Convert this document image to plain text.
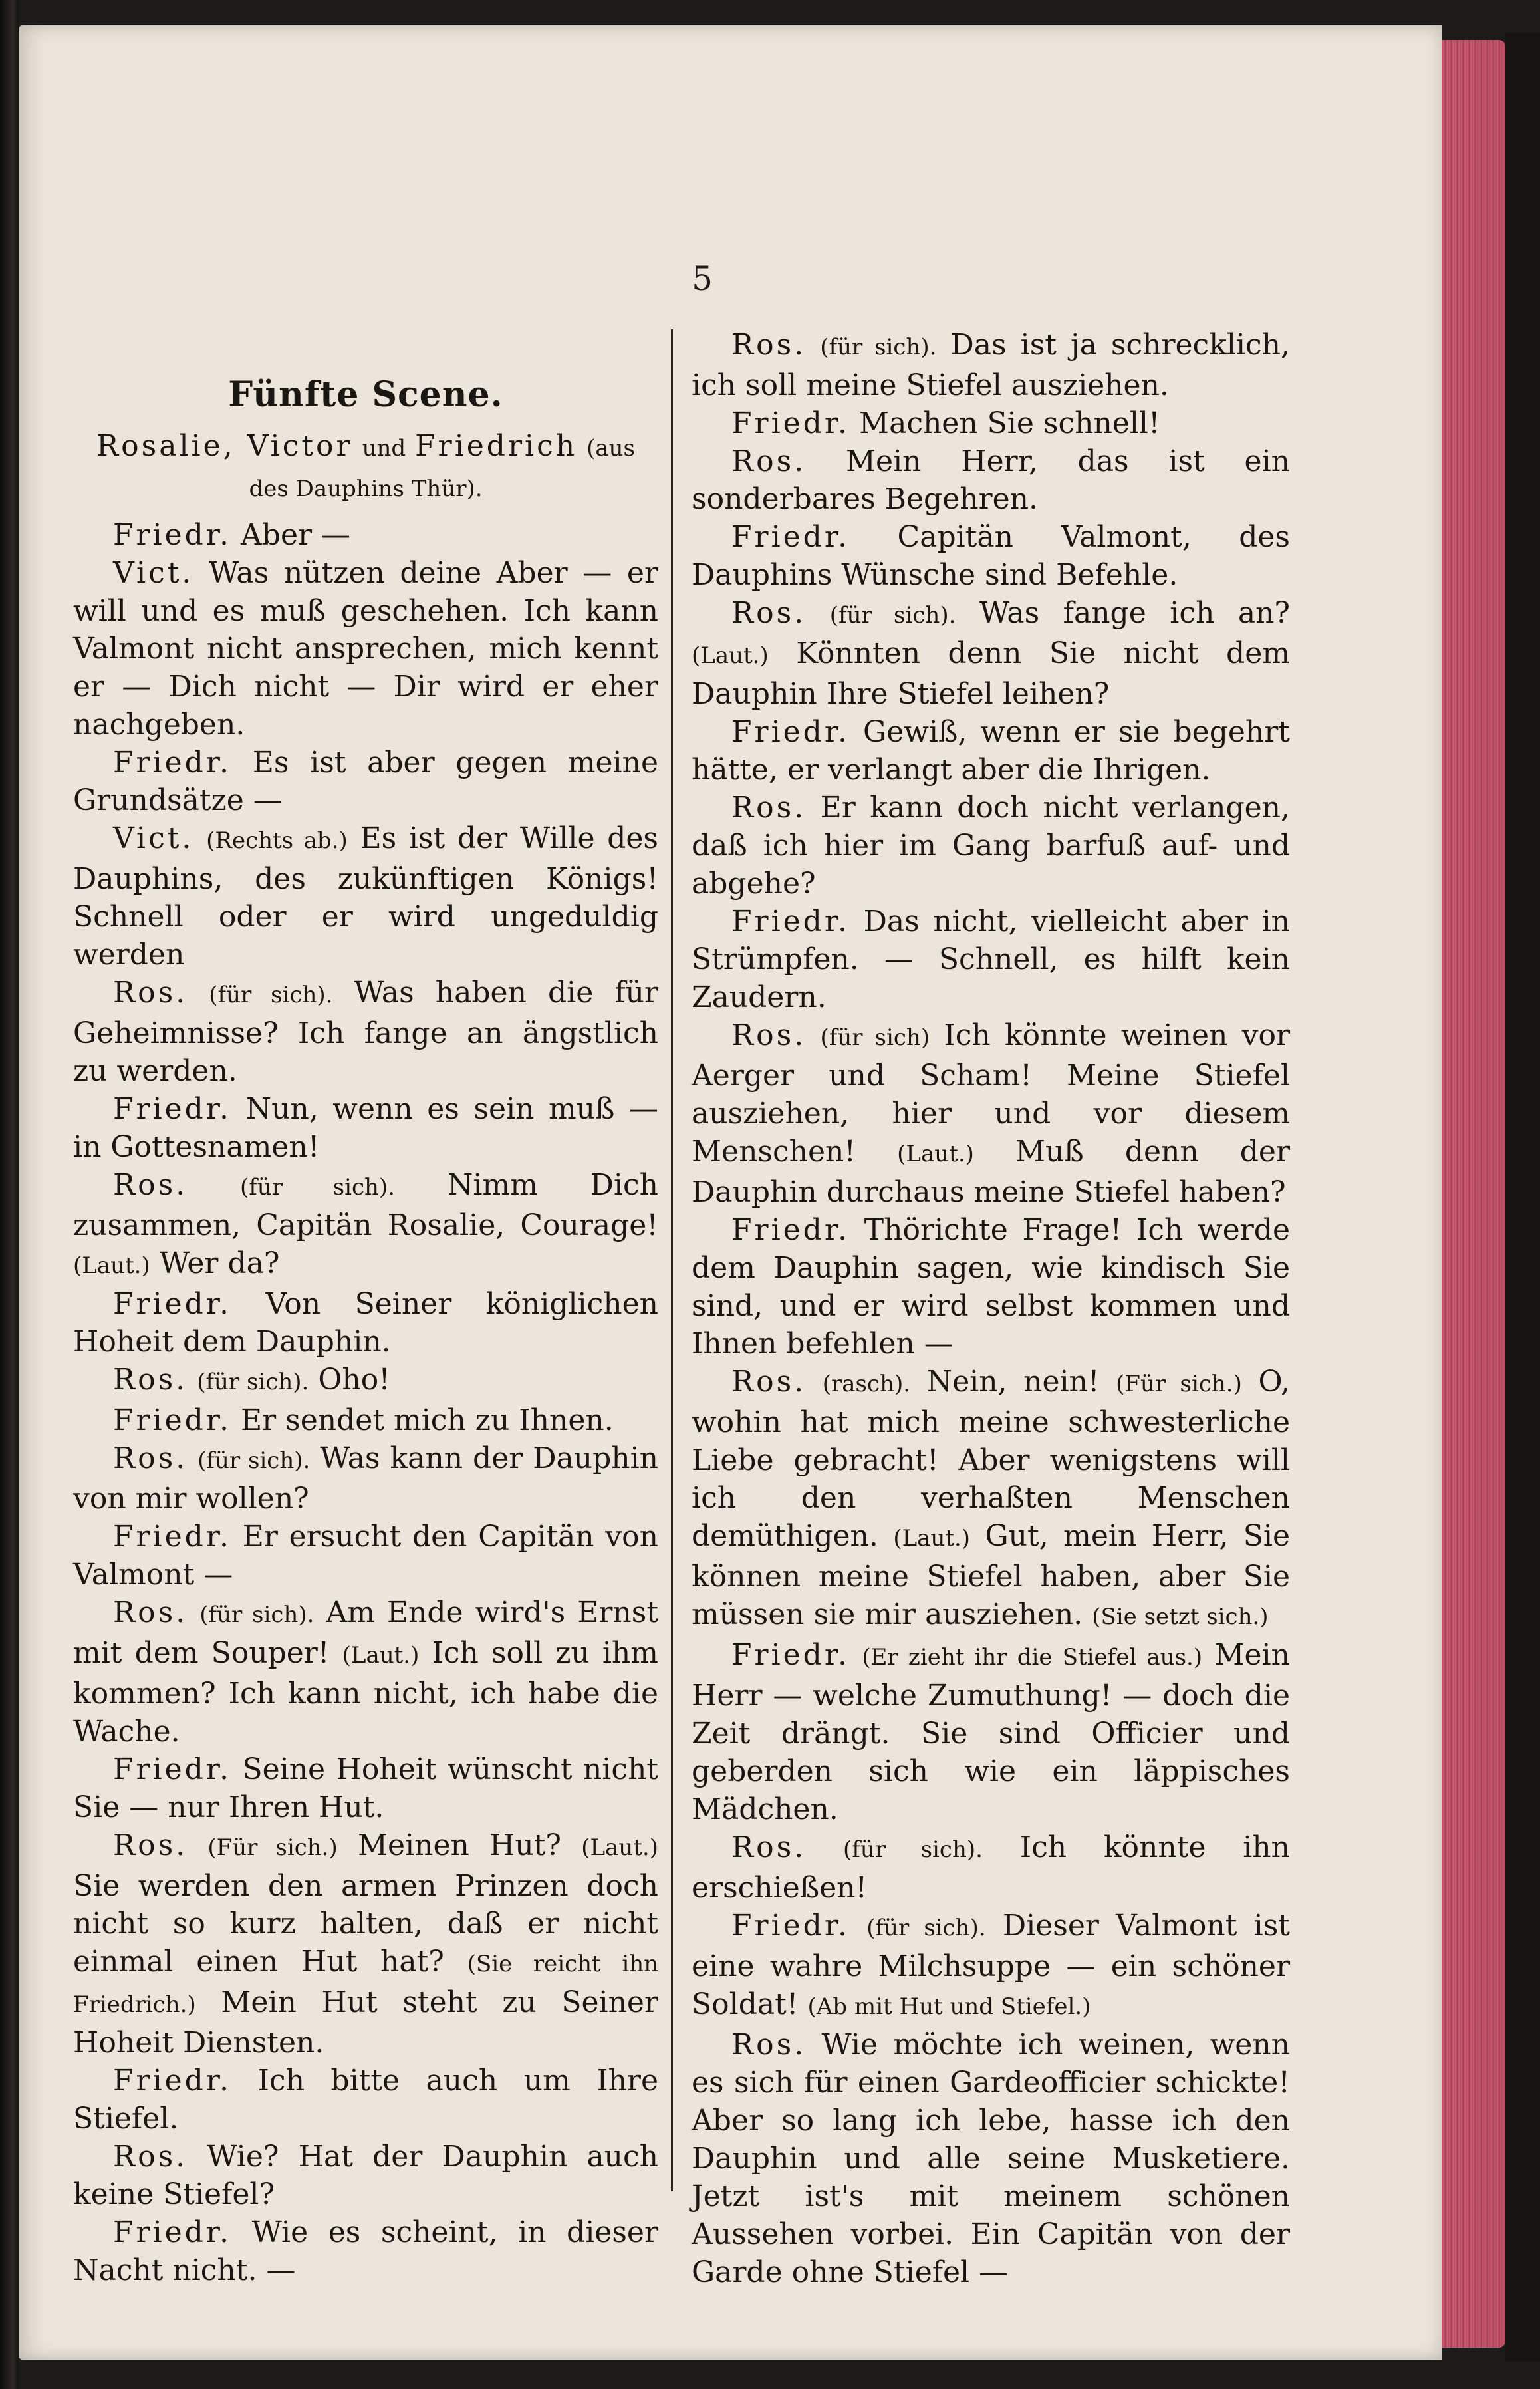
5

Fünfte Scene.

Rosalie, Victor und Friedrich (aus des Dauphins Thür).

Friedr. Aber —

Vict. Was nützen deine Aber — er will und es muß geschehen. Ich kann Valmont nicht ansprechen, mich kennt er — Dich nicht — Dir wird er eher nachgeben.

Friedr. Es ist aber gegen meine Grundsätze —

Vict. (Rechts ab.) Es ist der Wille des Dauphins, des zukünftigen Königs! Schnell oder er wird ungeduldig werden

Ros. (für sich). Was haben die für Geheimnisse? Ich fange an ängstlich zu werden.

Friedr. Nun, wenn es sein muß — in Gottesnamen!

Ros. (für sich). Nimm Dich zusammen, Capitän Rosalie, Courage! (Laut.) Wer da?

Friedr. Von Seiner königlichen Hoheit dem Dauphin.

Ros. (für sich). Oho!

Friedr. Er sendet mich zu Ihnen.

Ros. (für sich). Was kann der Dauphin von mir wollen?

Friedr. Er ersucht den Capitän von Valmont —

Ros. (für sich). Am Ende wird's Ernst mit dem Souper! (Laut.) Ich soll zu ihm kommen? Ich kann nicht, ich habe die Wache.

Friedr. Seine Hoheit wünscht nicht Sie — nur Ihren Hut.

Ros. (Für sich.) Meinen Hut? (Laut.) Sie werden den armen Prinzen doch nicht so kurz halten, daß er nicht einmal einen Hut hat? (Sie reicht ihn Friedrich.) Mein Hut steht zu Seiner Hoheit Diensten.

Friedr. Ich bitte auch um Ihre Stiefel.

Ros. Wie? Hat der Dauphin auch keine Stiefel?

Friedr. Wie es scheint, in dieser Nacht nicht. —

Ros. (für sich). Das ist ja schrecklich, ich soll meine Stiefel ausziehen.

Friedr. Machen Sie schnell!

Ros. Mein Herr, das ist ein sonderbares Begehren.

Friedr. Capitän Valmont, des Dauphins Wünsche sind Befehle.

Ros. (für sich). Was fange ich an? (Laut.) Könnten denn Sie nicht dem Dauphin Ihre Stiefel leihen?

Friedr. Gewiß, wenn er sie begehrt hätte, er verlangt aber die Ihrigen.

Ros. Er kann doch nicht verlangen, daß ich hier im Gang barfuß auf- und abgehe?

Friedr. Das nicht, vielleicht aber in Strümpfen. — Schnell, es hilft kein Zaudern.

Ros. (für sich) Ich könnte weinen vor Aerger und Scham! Meine Stiefel ausziehen, hier und vor diesem Menschen! (Laut.) Muß denn der Dauphin durchaus meine Stiefel haben?

Friedr. Thörichte Frage! Ich werde dem Dauphin sagen, wie kindisch Sie sind, und er wird selbst kommen und Ihnen befehlen —

Ros. (rasch). Nein, nein! (Für sich.) O, wohin hat mich meine schwesterliche Liebe gebracht! Aber wenigstens will ich den verhaßten Menschen demüthigen. (Laut.) Gut, mein Herr, Sie können meine Stiefel haben, aber Sie müssen sie mir ausziehen. (Sie setzt sich.)

Friedr. (Er zieht ihr die Stiefel aus.) Mein Herr — welche Zumuthung! — doch die Zeit drängt. Sie sind Officier und geberden sich wie ein läppisches Mädchen.

Ros. (für sich). Ich könnte ihn erschießen!

Friedr. (für sich). Dieser Valmont ist eine wahre Milchsuppe — ein schöner Soldat! (Ab mit Hut und Stiefel.)

Ros. Wie möchte ich weinen, wenn es sich für einen Gardeofficier schickte! Aber so lang ich lebe, hasse ich den Dauphin und alle seine Musketiere. Jetzt ist's mit meinem schönen Aussehen vorbei. Ein Capitän von der Garde ohne Stiefel —
